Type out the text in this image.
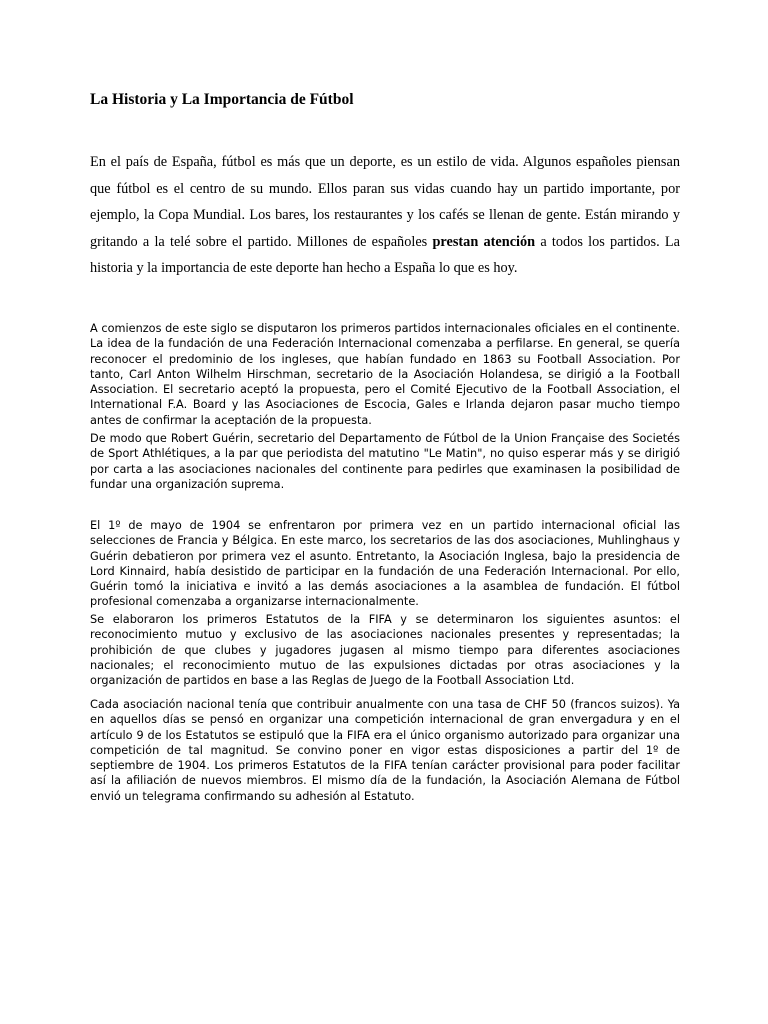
La Historia y La Importancia de Fútbol

En el país de España, fútbol es más que un deporte, es un estilo de vida. Algunos españoles piensan que fútbol es el centro de su mundo. Ellos paran sus vidas cuando hay un partido importante, por ejemplo, la Copa Mundial. Los bares, los restaurantes y los cafés se llenan de gente. Están mirando y gritando a la telé sobre el partido. Millones de españoles prestan atención a todos los partidos. La historia y la importancia de este deporte han hecho a España lo que es hoy.

A comienzos de este siglo se disputaron los primeros partidos internacionales oficiales en el continente. La idea de la fundación de una Federación Internacional comenzaba a perfilarse. En general, se quería reconocer el predominio de los ingleses, que habían fundado en 1863 su Football Association. Por tanto, Carl Anton Wilhelm Hirschman, secretario de la Asociación Holandesa, se dirigió a la Football Association. El secretario aceptó la propuesta, pero el Comité Ejecutivo de la Football Association, el International F.A. Board y las Asociaciones de Escocia, Gales e Irlanda dejaron pasar mucho tiempo antes de confirmar la aceptación de la propuesta.

De modo que Robert Guérin, secretario del Departamento de Fútbol de la Union Française des Societés de Sport Athlétiques, a la par que periodista del matutino "Le Matin", no quiso esperar más y se dirigió por carta a las asociaciones nacionales del continente para pedirles que examinasen la posibilidad de fundar una organización suprema.

El 1º de mayo de 1904 se enfrentaron por primera vez en un partido internacional oficial las selecciones de Francia y Bélgica. En este marco, los secretarios de las dos asociaciones, Muhlinghaus y Guérin debatieron por primera vez el asunto. Entretanto, la Asociación Inglesa, bajo la presidencia de Lord Kinnaird, había desistido de participar en la fundación de una Federación Internacional. Por ello, Guérin tomó la iniciativa e invitó a las demás asociaciones a la asamblea de fundación. El fútbol profesional comenzaba a organizarse internacionalmente.

Se elaboraron los primeros Estatutos de la FIFA y se determinaron los siguientes asuntos: el reconocimiento mutuo y exclusivo de las asociaciones nacionales presentes y representadas; la prohibición de que clubes y jugadores jugasen al mismo tiempo para diferentes asociaciones nacionales; el reconocimiento mutuo de las expulsiones dictadas por otras asociaciones y la organización de partidos en base a las Reglas de Juego de la Football Association Ltd.

Cada asociación nacional tenía que contribuir anualmente con una tasa de CHF 50 (francos suizos). Ya en aquellos días se pensó en organizar una competición internacional de gran envergadura y en el artículo 9 de los Estatutos se estipuló que la FIFA era el único organismo autorizado para organizar una competición de tal magnitud. Se convino poner en vigor estas disposiciones a partir del 1º de septiembre de 1904. Los primeros Estatutos de la FIFA tenían carácter provisional para poder facilitar así la afiliación de nuevos miembros. El mismo día de la fundación, la Asociación Alemana de Fútbol envió un telegrama confirmando su adhesión al Estatuto.
